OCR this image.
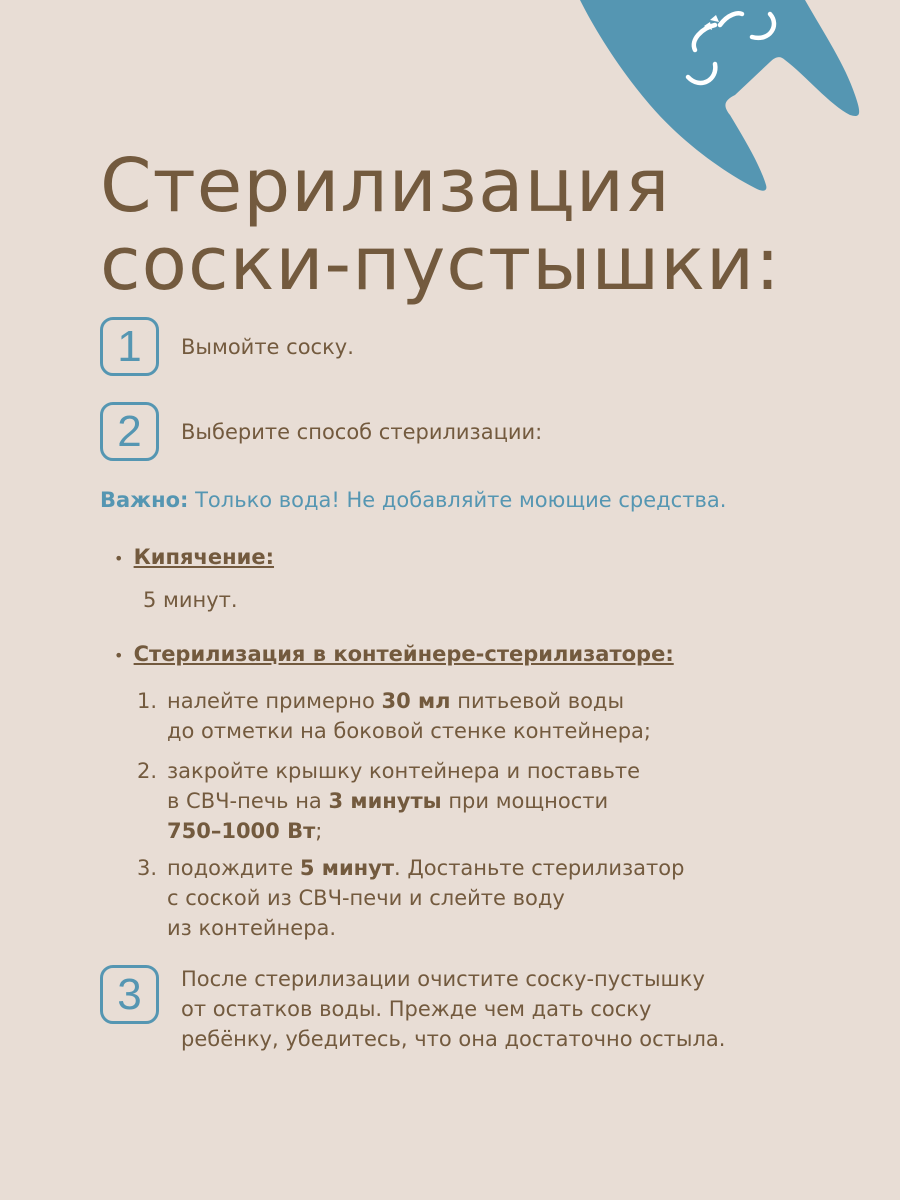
Стерилизация
соски-пустышки:
1	Вымойте соску.
2	Выберите способ стерилизации:
Важно: Только вода! Не добавляйте моющие средства.
•  Кипячение:
5 минут.
•  Стерилизация в контейнере-стерилизаторе:
1. налейте примерно 30 мл питьевой воды
до отметки на боковой стенке контейнера;
2. закройте крышку контейнера и поставьте
в СВЧ-печь на 3 минуты при мощности
750–1000 Вт;
3. подождите 5 минут. Достаньте стерилизатор
с соской из СВЧ-печи и слейте воду
из контейнера.
3	После стерилизации очистите соску-пустышку
от остатков воды. Прежде чем дать соску
ребёнку, убедитесь, что она достаточно остыла.
